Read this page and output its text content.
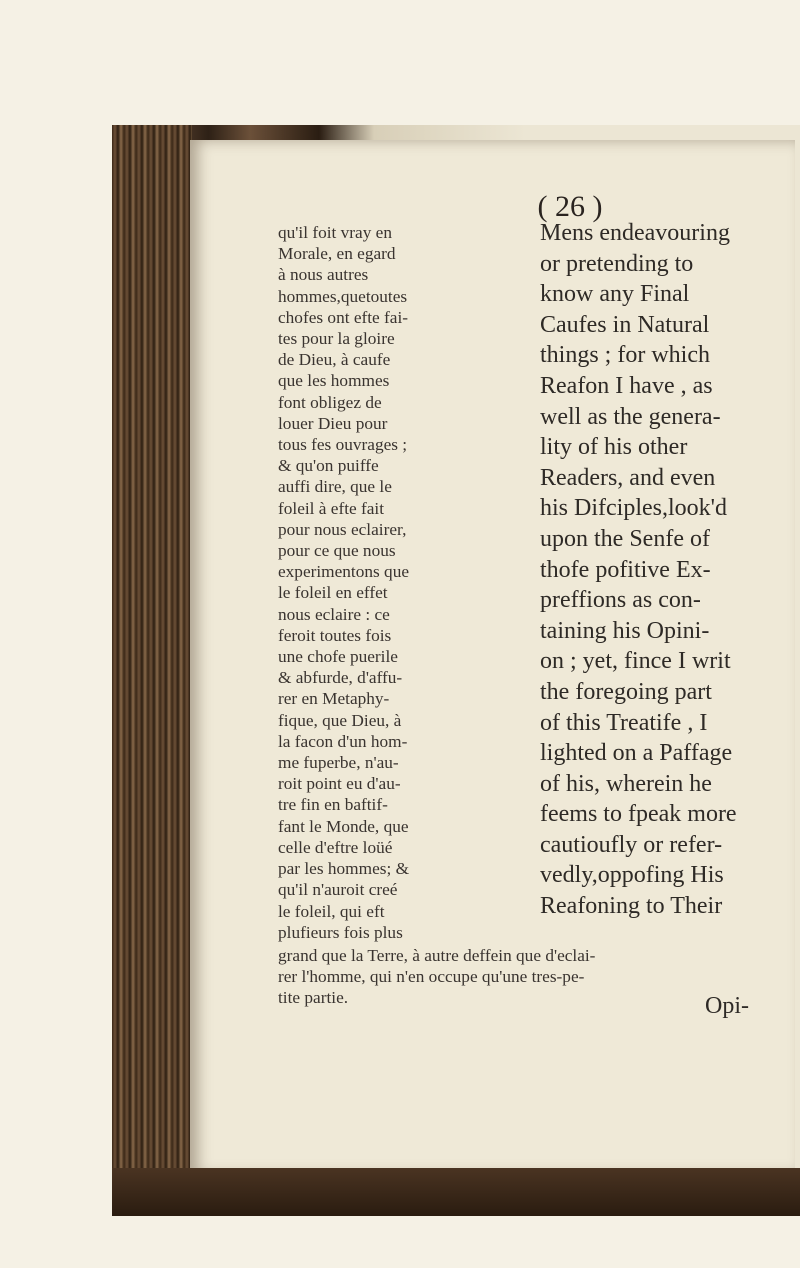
( 26 )
qu'il foit vray en
Morale, en egard
à nous autres
hommes,quetoutes
chofes ont efte fai-
tes pour la gloire
de Dieu, à caufe
que les hommes
font obligez de
louer Dieu pour
tous fes ouvrages ;
& qu'on puiffe
auffi dire, que le
foleil à efte fait
pour nous eclairer,
pour ce que nous
experimentons que
le foleil en effet
nous eclaire : ce
feroit toutes fois
une chofe puerile
& abfurde, d'affu-
rer en Metaphy-
fique, que Dieu, à
la facon d'un hom-
me fuperbe, n'au-
roit point eu d'au-
tre fin en baftif-
fant le Monde, que
celle d'eftre loüé
par les hommes; &
qu'il n'auroit creé
le foleil, qui eft
plufieurs fois plus
grand que la Terre, à autre deffein que d'eclai-
rer l'homme, qui n'en occupe qu'une tres-pe-
tite partie.
Mens endeavouring
or pretending to
know any Final
Caufes in Natural
things ; for which
Reafon I have , as
well as the genera-
lity of his other
Readers, and even
his Difciples,look'd
upon the Senfe of
thofe pofitive Ex-
preffions as con-
taining his Opini-
on ; yet, fince I writ
the foregoing part
of this Treatife , I
lighted on a Paffage
of his, wherein he
feems to fpeak more
cautioufly or refer-
vedly,oppofing His
Reafoning to Their
Opi-
